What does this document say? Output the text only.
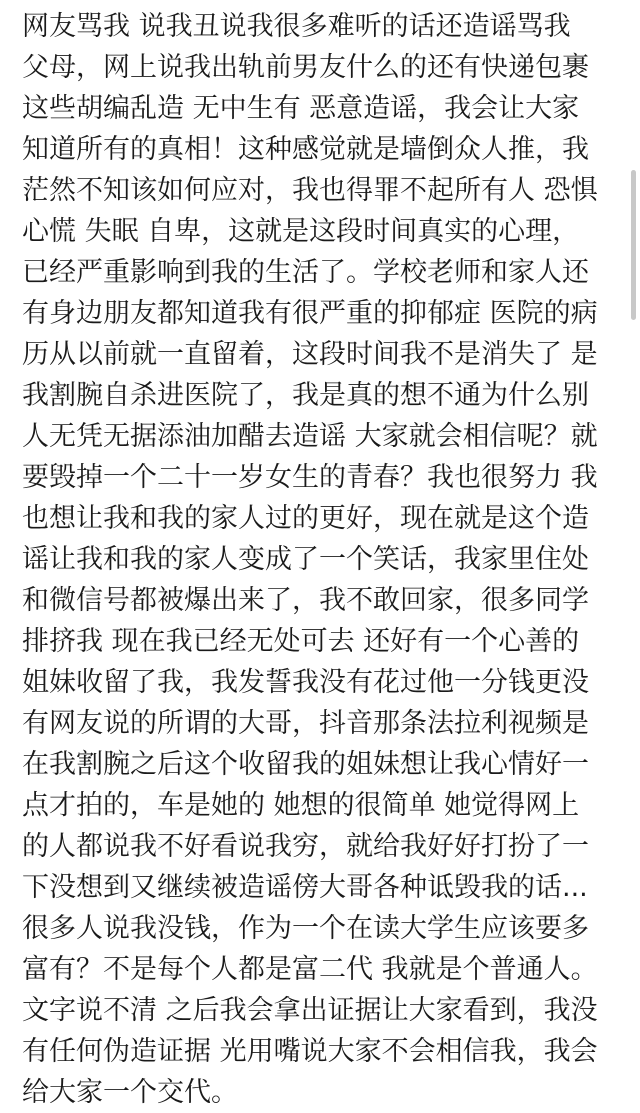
网友骂我 说我丑说我很多难听的话还造谣骂我
父母，网上说我出轨前男友什么的还有快递包裹
这些胡编乱造 无中生有 恶意造谣，我会让大家
知道所有的真相！这种感觉就是墙倒众人推，我
茫然不知该如何应对，我也得罪不起所有人 恐惧
心慌 失眠 自卑，这就是这段时间真实的心理，
已经严重影响到我的生活了。学校老师和家人还
有身边朋友都知道我有很严重的抑郁症 医院的病
历从以前就一直留着，这段时间我不是消失了 是
我割腕自杀进医院了，我是真的想不通为什么别
人无凭无据添油加醋去造谣 大家就会相信呢？就
要毁掉一个二十一岁女生的青春？我也很努力 我
也想让我和我的家人过的更好，现在就是这个造
谣让我和我的家人变成了一个笑话，我家里住处
和微信号都被爆出来了，我不敢回家，很多同学
排挤我 现在我已经无处可去 还好有一个心善的
姐妹收留了我，我发誓我没有花过他一分钱更没
有网友说的所谓的大哥，抖音那条法拉利视频是
在我割腕之后这个收留我的姐妹想让我心情好一
点才拍的，车是她的 她想的很简单 她觉得网上
的人都说我不好看说我穷，就给我好好打扮了一
下没想到又继续被造谣傍大哥各种诋毁我的话...
很多人说我没钱，作为一个在读大学生应该要多
富有？不是每个人都是富二代 我就是个普通人。
文字说不清 之后我会拿出证据让大家看到，我没
有任何伪造证据 光用嘴说大家不会相信我，我会
给大家一个交代。
